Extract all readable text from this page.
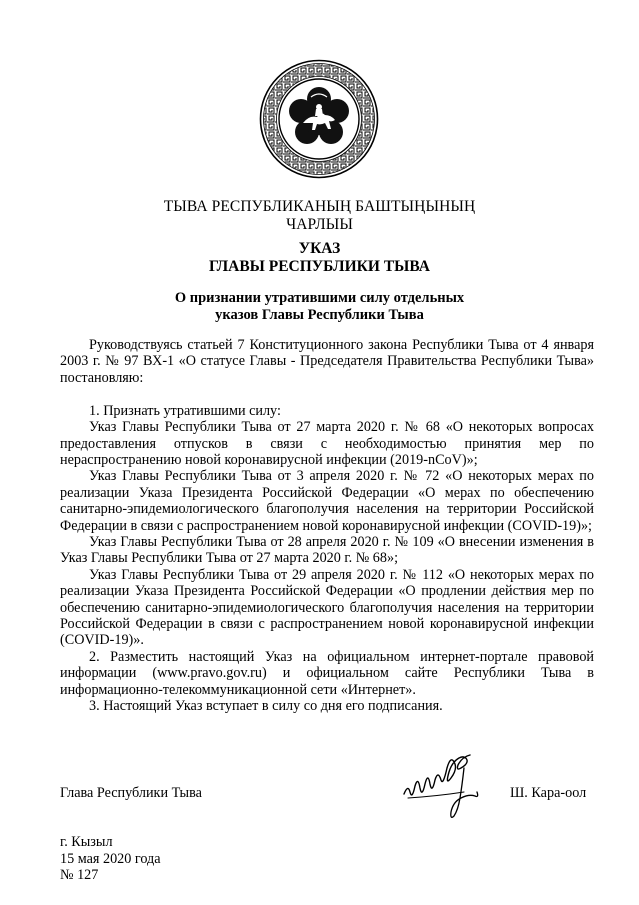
ТЫВА РЕСПУБЛИКАНЫҢ БАШТЫҢЫНЫҢ
ЧАРЛЫЫ
УКАЗ
ГЛАВЫ РЕСПУБЛИКИ ТЫВА
О признании утратившими силу отдельных
указов Главы Республики Тыва

Руководствуясь статьей 7 Конституционного закона Республики Тыва от 4 января 2003 г. № 97 ВХ-1 «О статусе Главы - Председателя Правительства Республики Тыва» постановляю:

1. Признать утратившими силу:

Указ Главы Республики Тыва от 27 марта 2020 г. № 68 «О некоторых вопросах предоставления отпусков в связи с необходимостью принятия мер по нераспространению новой коронавирусной инфекции (2019-nCoV)»;

Указ Главы Республики Тыва от 3 апреля 2020 г. № 72 «О некоторых мерах по реализации Указа Президента Российской Федерации «О мерах по обеспечению санитарно-эпидемиологического благополучия населения на территории Российской Федерации в связи с распространением новой коронавирусной инфекции (COVID-19)»;

Указ Главы Республики Тыва от 28 апреля 2020 г. № 109 «О внесении изменения в Указ Главы Республики Тыва от 27 марта 2020 г. № 68»;

Указ Главы Республики Тыва от 29 апреля 2020 г. № 112 «О некоторых мерах по реализации Указа Президента Российской Федерации «О продлении действия мер по обеспечению санитарно-эпидемиологического благополучия населения на территории Российской Федерации в связи с распространением новой коронавирусной инфекции (COVID-19)».

2. Разместить настоящий Указ на официальном интернет-портале правовой информации (www.pravo.gov.ru) и официальном сайте Республики Тыва в информационно-телекоммуникационной сети «Интернет».

3. Настоящий Указ вступает в силу со дня его подписания.

Глава Республики Тыва	Ш. Кара-оол
г. Кызыл
15 мая 2020 года
№ 127
